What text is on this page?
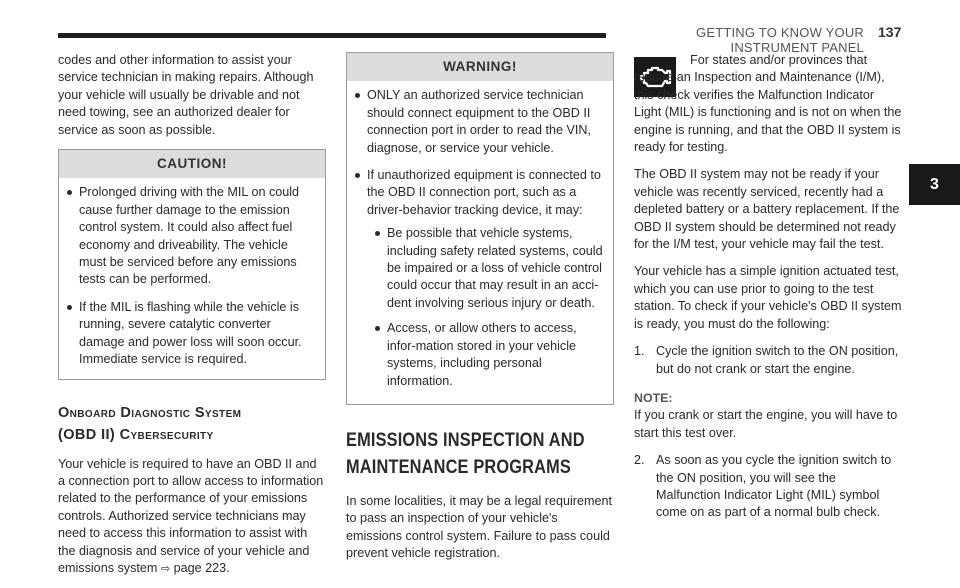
GETTING TO KNOW YOUR INSTRUMENT PANEL
137
3

codes and other information to assist your service technician in making repairs. Although your vehicle will usually be drivable and not need towing, see an authorized dealer for service as soon as possible.

CAUTION!
Prolonged driving with the MIL on could cause further damage to the emission control system. It could also affect fuel economy and driveability. The vehicle must be serviced before any emissions tests can be performed.
If the MIL is flashing while the vehicle is running, severe catalytic converter damage and power loss will soon occur. Immediate service is required.
Onboard Diagnostic System
(OBD II) Cybersecurity

Your vehicle is required to have an OBD II and a connection port to allow access to information related to the performance of your emissions controls. Authorized service technicians may need to access this information to assist with the diagnosis and service of your vehicle and emissions system ⇨ page 223.

WARNING!
ONLY an authorized service technician should connect equipment to the OBD II connection port in order to read the VIN, diagnose, or service your vehicle.
If unauthorized equipment is connected to the OBD II connection port, such as a driver-behavior tracking device, it may:
Be possible that vehicle systems, including safety related systems, could be impaired or a loss of vehicle control could occur that may result in an acci-dent involving serious injury or death.
Access, or allow others to access, infor-mation stored in your vehicle systems, including personal information.
EMISSIONS INSPECTION AND
MAINTENANCE PROGRAMS

In some localities, it may be a legal requirement to pass an inspection of your vehicle's emissions control system. Failure to pass could prevent vehicle registration.

For states and/or provinces that require an Inspection and Maintenance (I/M), this check verifies the Malfunction Indicator Light (MIL) is functioning and is not on when the engine is running, and that the OBD II system is ready for testing.

The OBD II system may not be ready if your vehicle was recently serviced, recently had a depleted battery or a battery replacement. If the OBD II system should be determined not ready for the I/M test, your vehicle may fail the test.

Your vehicle has a simple ignition actuated test, which you can use prior to going to the test station. To check if your vehicle's OBD II system is ready, you must do the following:

1. Cycle the ignition switch to the ON position, but do not crank or start the engine.
NOTE:

If you crank or start the engine, you will have to start this test over.

2. As soon as you cycle the ignition switch to the ON position, you will see the Malfunction Indicator Light (MIL) symbol come on as part of a normal bulb check.
